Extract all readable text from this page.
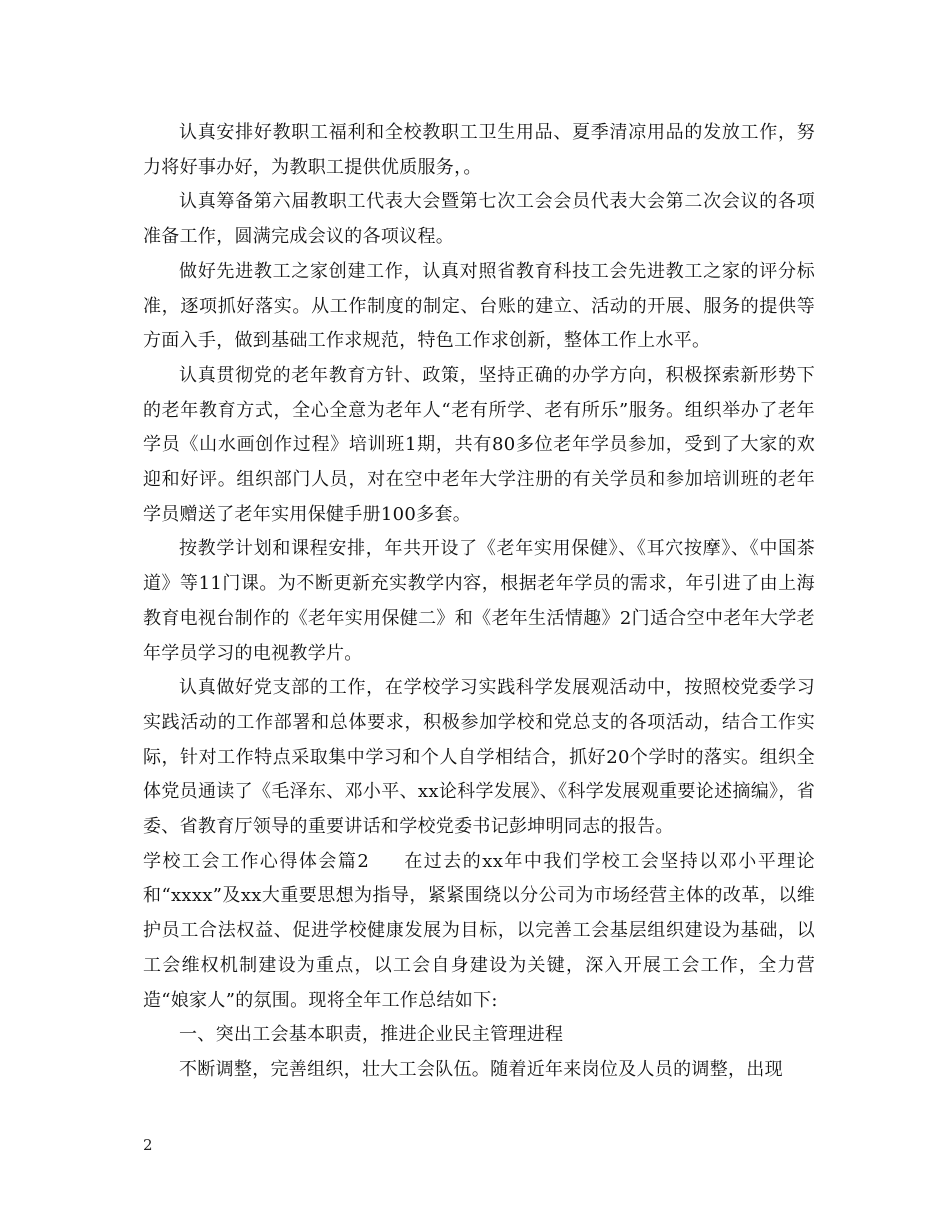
认真安排好教职工福利和全校教职工卫生用品、夏季清凉用品的发放工作，努力将好事办好，为教职工提供优质服务，。

认真筹备第六届教职工代表大会暨第七次工会会员代表大会第二次会议的各项准备工作，圆满完成会议的各项议程。

做好先进教工之家创建工作，认真对照省教育科技工会先进教工之家的评分标准，逐项抓好落实。从工作制度的制定、台账的建立、活动的开展、服务的提供等方面入手，做到基础工作求规范，特色工作求创新，整体工作上水平。

认真贯彻党的老年教育方针、政策，坚持正确的办学方向，积极探索新形势下的老年教育方式，全心全意为老年人“老有所学、老有所乐”服务。组织举办了老年学员《山水画创作过程》培训班1期，共有80多位老年学员参加，受到了大家的欢迎和好评。组织部门人员，对在空中老年大学注册的有关学员和参加培训班的老年学员赠送了老年实用保健手册100多套。

按教学计划和课程安排，年共开设了《老年实用保健》、《耳穴按摩》、《中国茶道》等11门课。为不断更新充实教学内容，根据老年学员的需求，年引进了由上海教育电视台制作的《老年实用保健二》和《老年生活情趣》2门适合空中老年大学老年学员学习的电视教学片。

认真做好党支部的工作，在学校学习实践科学发展观活动中，按照校党委学习实践活动的工作部署和总体要求，积极参加学校和党总支的各项活动，结合工作实际，针对工作特点采取集中学习和个人自学相结合，抓好20个学时的落实。组织全体党员通读了《毛泽东、邓小平、xx论科学发展》、《科学发展观重要论述摘编》，省委、省教育厅领导的重要讲话和学校党委书记彭坤明同志的报告。

学校工会工作心得体会篇2 在过去的xx年中我们学校工会坚持以邓小平理论和“xxxx”及xx大重要思想为指导，紧紧围绕以分公司为市场经营主体的改革，以维护员工合法权益、促进学校健康发展为目标，以完善工会基层组织建设为基础，以工会维权机制建设为重点，以工会自身建设为关键，深入开展工会工作，全力营造“娘家人”的氛围。现将全年工作总结如下:

一、突出工会基本职责，推进企业民主管理进程

不断调整，完善组织，壮大工会队伍。随着近年来岗位及人员的调整，出现

2
